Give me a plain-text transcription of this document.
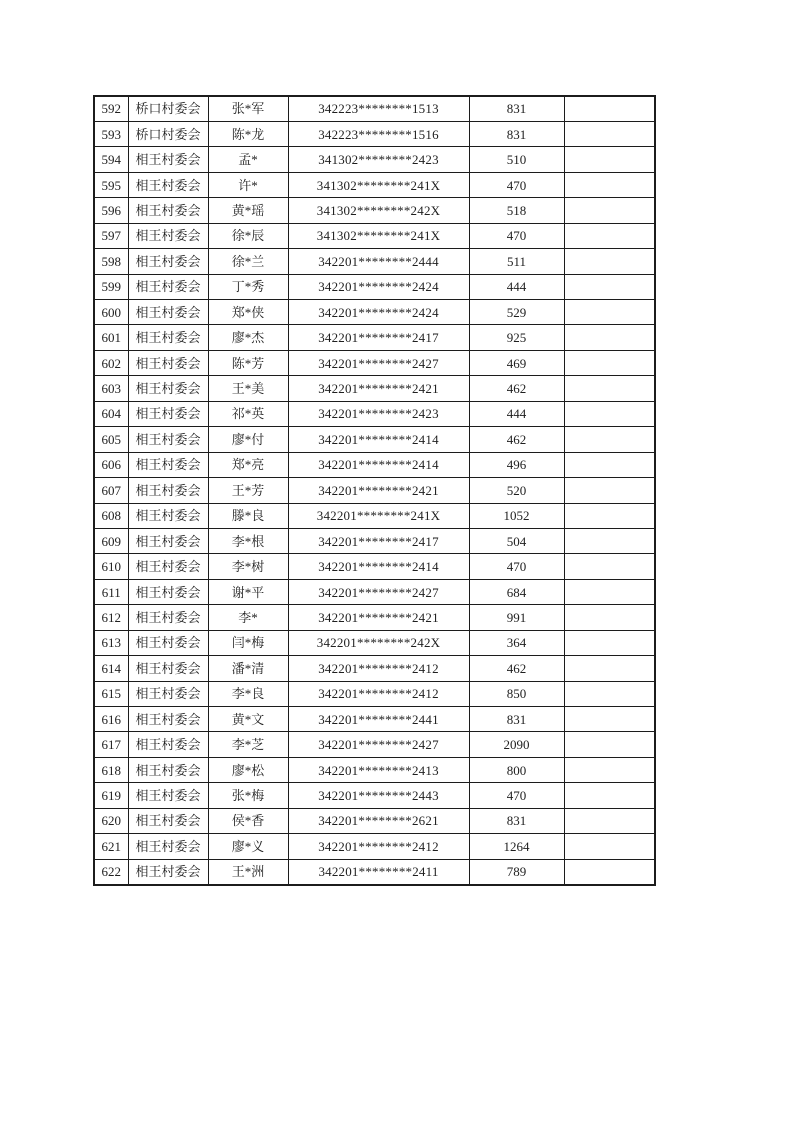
592	桥口村委会	张*军	342223********1513	831	
593	桥口村委会	陈*龙	342223********1516	831	
594	相王村委会	孟*	341302********2423	510	
595	相王村委会	许*	341302********241X	470	
596	相王村委会	黄*瑶	341302********242X	518	
597	相王村委会	徐*辰	341302********241X	470	
598	相王村委会	徐*兰	342201********2444	511	
599	相王村委会	丁*秀	342201********2424	444	
600	相王村委会	郑*侠	342201********2424	529	
601	相王村委会	廖*杰	342201********2417	925	
602	相王村委会	陈*芳	342201********2427	469	
603	相王村委会	王*美	342201********2421	462	
604	相王村委会	祁*英	342201********2423	444	
605	相王村委会	廖*付	342201********2414	462	
606	相王村委会	郑*亮	342201********2414	496	
607	相王村委会	王*芳	342201********2421	520	
608	相王村委会	滕*良	342201********241X	1052	
609	相王村委会	李*根	342201********2417	504	
610	相王村委会	李*树	342201********2414	470	
611	相王村委会	谢*平	342201********2427	684	
612	相王村委会	李*	342201********2421	991	
613	相王村委会	闫*梅	342201********242X	364	
614	相王村委会	潘*清	342201********2412	462	
615	相王村委会	李*良	342201********2412	850	
616	相王村委会	黄*文	342201********2441	831	
617	相王村委会	李*芝	342201********2427	2090	
618	相王村委会	廖*松	342201********2413	800	
619	相王村委会	张*梅	342201********2443	470	
620	相王村委会	侯*香	342201********2621	831	
621	相王村委会	廖*义	342201********2412	1264	
622	相王村委会	王*洲	342201********2411	789	
